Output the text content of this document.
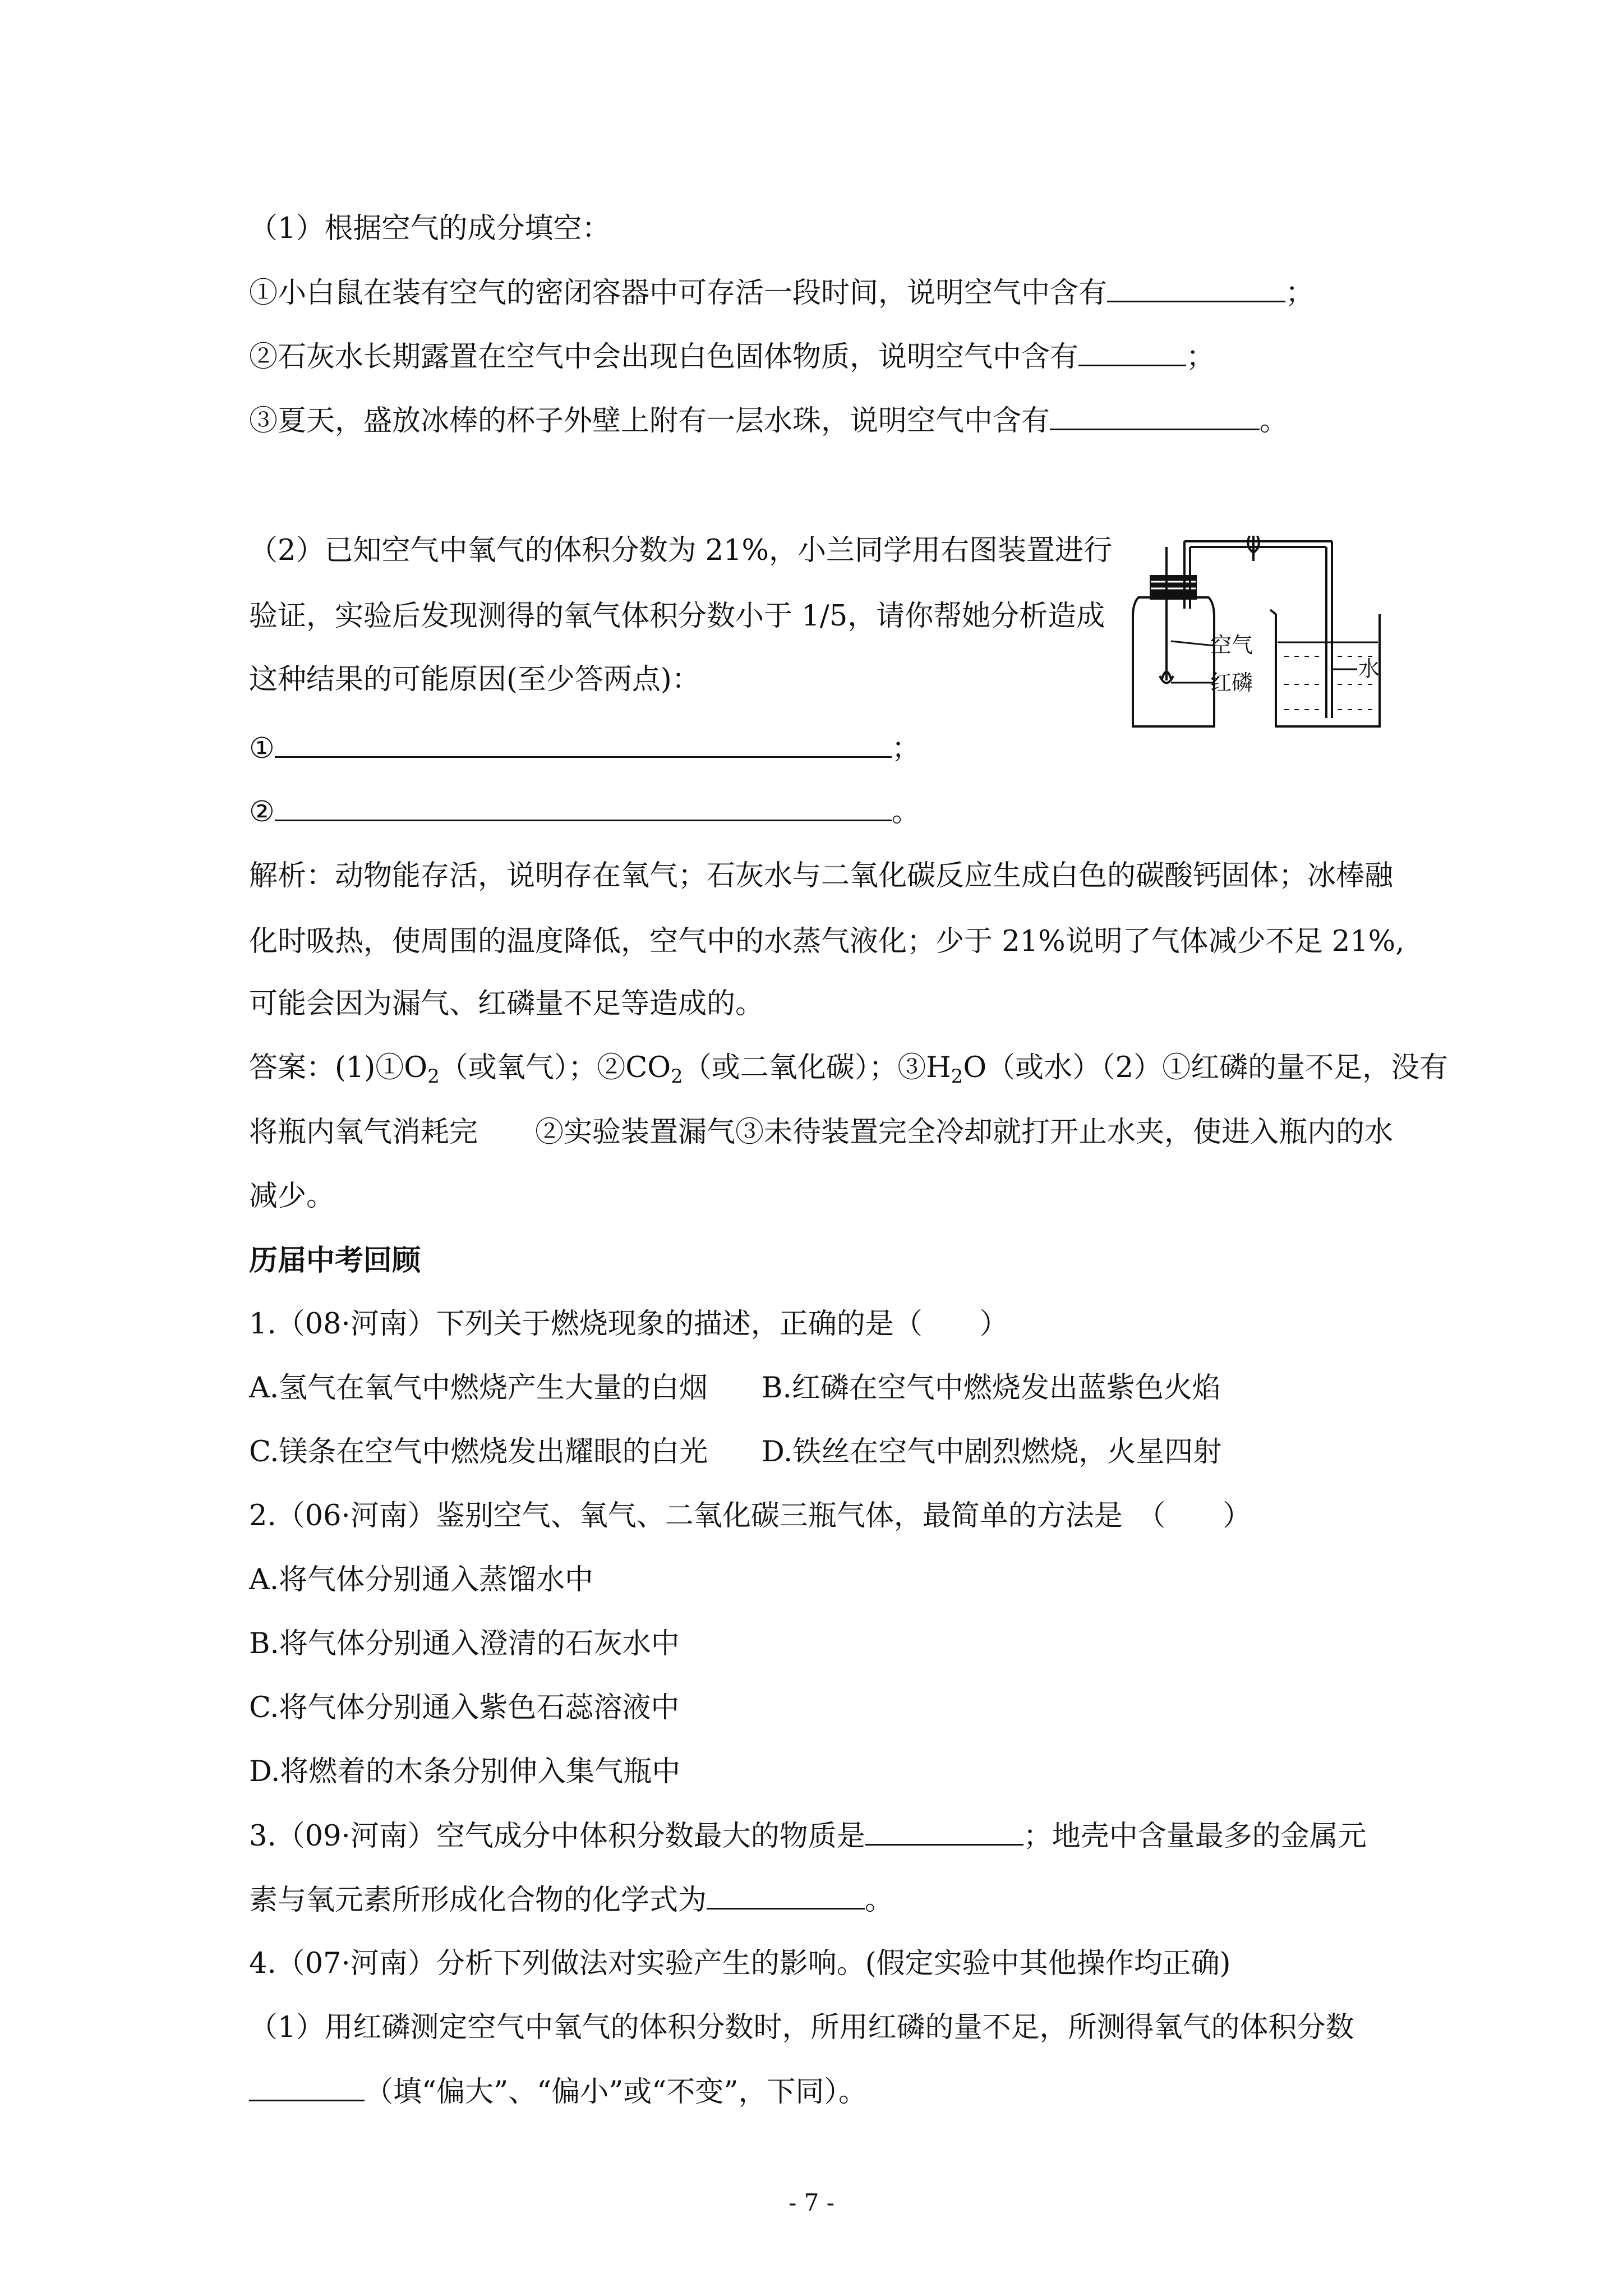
（1）根据空气的成分填空：
①小白鼠在装有空气的密闭容器中可存活一段时间，说明空气中含有	；
②石灰水长期露置在空气中会出现白色固体物质，说明空气中含有	；
③夏天，盛放冰棒的杯子外壁上附有一层水珠，说明空气中含有	。
（2）已知空气中氧气的体积分数为 21%，小兰同学用右图装置进行
验证，实验后发现测得的氧气体积分数小于 1/5，请你帮她分析造成
这种结果的可能原因(至少答两点)：
①	；
②	。
空气
红磷
水
解析：动物能存活，说明存在氧气；石灰水与二氧化碳反应生成白色的碳酸钙固体；冰棒融
化时吸热，使周围的温度降低，空气中的水蒸气液化；少于 21%说明了气体减少不足 21%,
可能会因为漏气、红磷量不足等造成的。
答案：$(1)①O_2$（或氧气）；$②CO_2$（或二氧化碳）；$③H_2O$（或水）（2）①红磷的量不足，没有
将瓶内氧气消耗完　　②实验装置漏气③未待装置完全冷却就打开止水夹，使进入瓶内的水
减少。
历届中考回顾
1.（08·河南）下列关于燃烧现象的描述，正确的是（　　）
A.氢气在氧气中燃烧产生大量的白烟 B.红磷在空气中燃烧发出蓝紫色火焰
C.镁条在空气中燃烧发出耀眼的白光 D.铁丝在空气中剧烈燃烧，火星四射
2.（06·河南）鉴别空气、氧气、二氧化碳三瓶气体，最简单的方法是　（　　）
A.将气体分别通入蒸馏水中
B.将气体分别通入澄清的石灰水中
C.将气体分别通入紫色石蕊溶液中
D.将燃着的木条分别伸入集气瓶中
3.（09·河南）空气成分中体积分数最大的物质是	；地壳中含量最多的金属元
素与氧元素所形成化合物的化学式为	。
4.（07·河南）分析下列做法对实验产生的影响。(假定实验中其他操作均正确)
（1）用红磷测定空气中氧气的体积分数时，所用红磷的量不足，所测得氧气的体积分数
（填“偏大”、“偏小”或“不变”，下同）。
- 7 -
